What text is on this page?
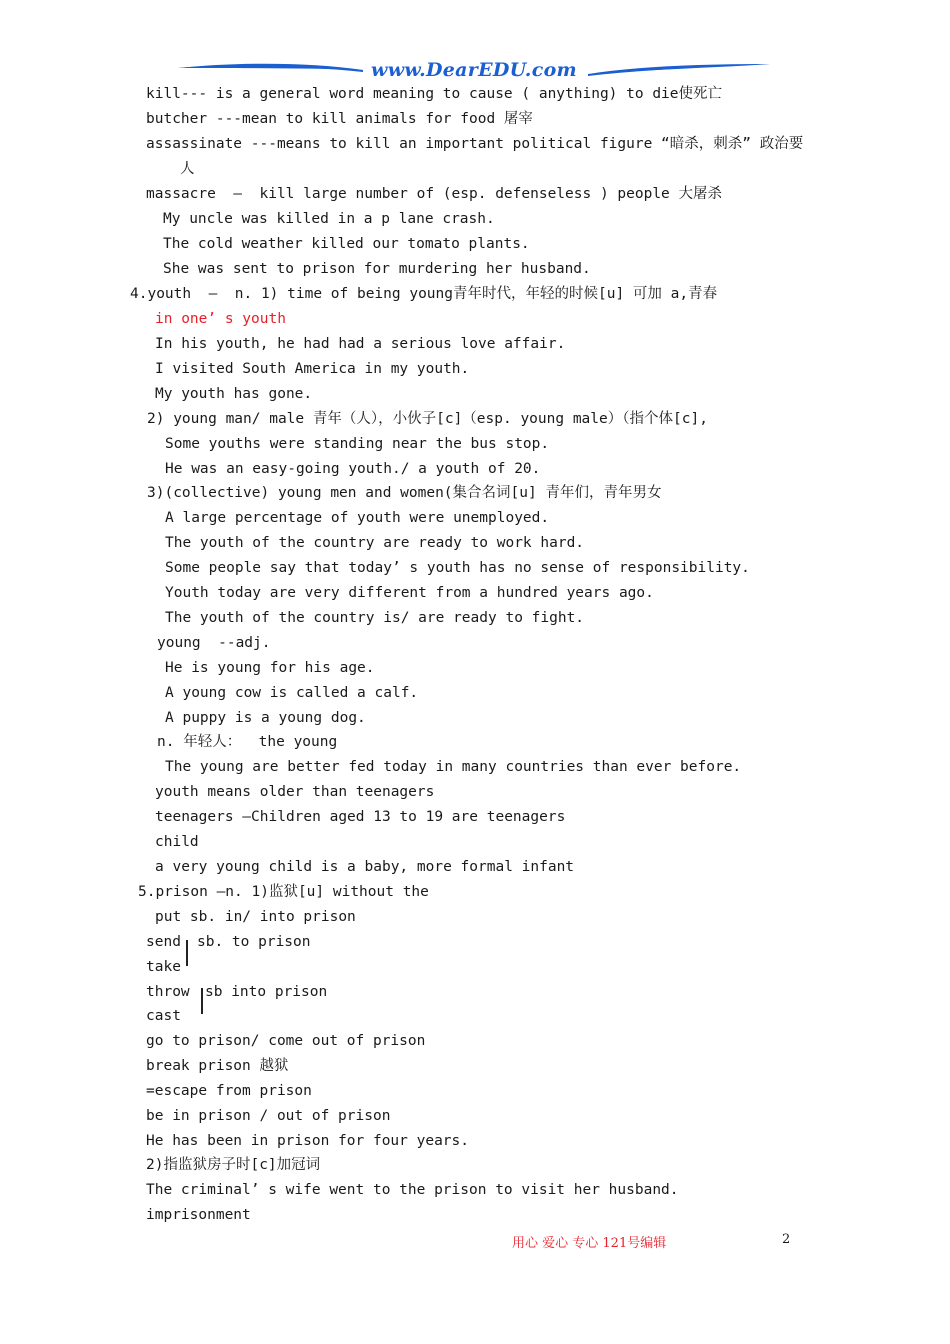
www.DearEDU.com
kill--- is a general word meaning to cause ( anything) to die使死亡
butcher ---mean to kill animals for food 屠宰
assassinate ---means to kill an important political figure “暗杀，刺杀” 政治要
人
massacre  –  kill large number of (esp. defenseless ) people 大屠杀
My uncle was killed in a p lane crash.
The cold weather killed our tomato plants.
She was sent to prison for murdering her husband.
4.youth  –  n. 1) time of being young青年时代，年轻的时候[u] 可加 a,青春
in one’ s youth
In his youth, he had had a serious love affair.
I visited South America in my youth.
My youth has gone.
2) young man/ male 青年（人），小伙子[c]（esp. young male）（指个体[c],
Some youths were standing near the bus stop.
He was an easy-going youth./ a youth of 20.
3)(collective) young men and women(集合名词[u] 青年们，青年男女
A large percentage of youth were unemployed.
The youth of the country are ready to work hard.
Some people say that today’ s youth has no sense of responsibility.
Youth today are very different from a hundred years ago.
The youth of the country is/ are ready to fight.
young  --adj.
He is young for his age.
A young cow is called a calf.
A puppy is a young dog.
n. 年轻人：  the young
The young are better fed today in many countries than ever before.
youth means older than teenagers
teenagers –Children aged 13 to 19 are teenagers
child
a very young child is a baby, more formal infant
5.prison –n. 1)监狱[u] without the
put sb. in/ into prison
send sb. to prison
take
throw sb into prison
cast
go to prison/ come out of prison
break prison 越狱
=escape from prison
be in prison / out of prison
He has been in prison for four years.
2)指监狱房子时[c]加冠词
The criminal’ s wife went to the prison to visit her husband.
imprisonment
用心 爱心 专心 121号编辑	2
